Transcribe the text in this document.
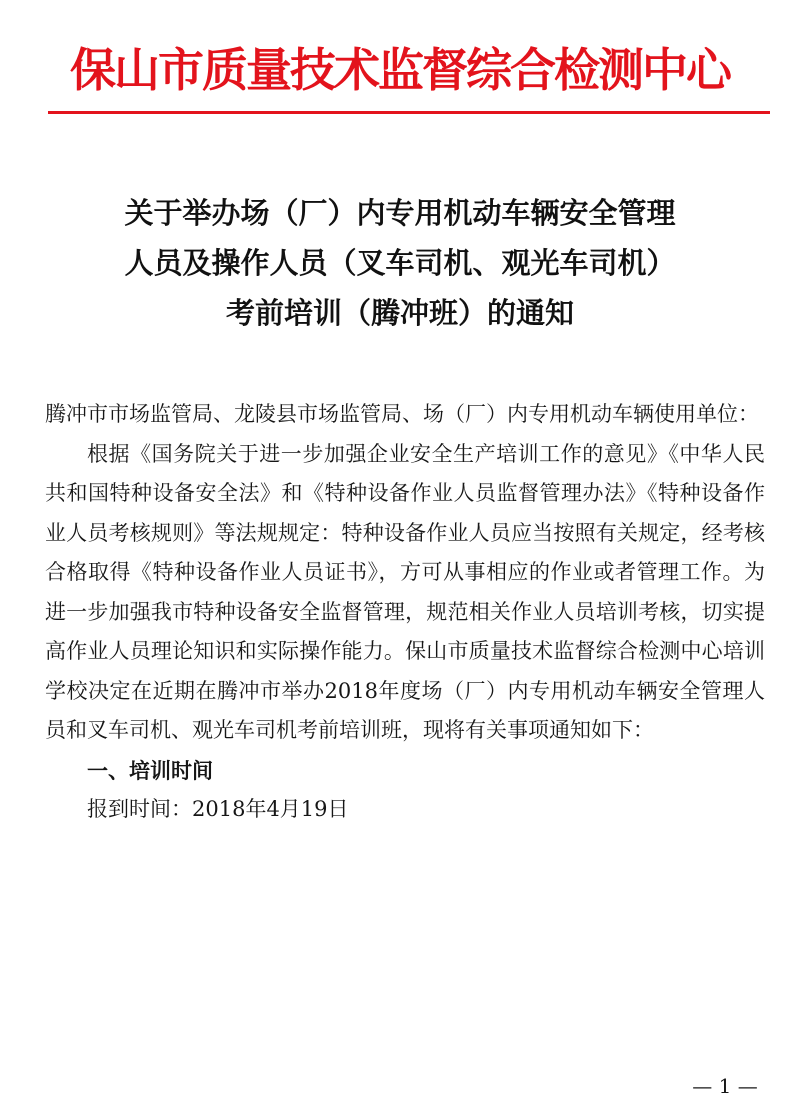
保山市质量技术监督综合检测中心
关于举办场（厂）内专用机动车辆安全管理
人员及操作人员（叉车司机、观光车司机）
考前培训（腾冲班）的通知

腾冲市市场监管局、龙陵县市场监管局、场（厂）内专用机动车辆使用单位：

根据《国务院关于进一步加强企业安全生产培训工作的意见》《中华人民共和国特种设备安全法》和《特种设备作业人员监督管理办法》《特种设备作业人员考核规则》等法规规定：特种设备作业人员应当按照有关规定，经考核合格取得《特种设备作业人员证书》，方可从事相应的作业或者管理工作。为进一步加强我市特种设备安全监督管理，规范相关作业人员培训考核，切实提高作业人员理论知识和实际操作能力。保山市质量技术监督综合检测中心培训学校决定在近期在腾冲市举办2018年度场（厂）内专用机动车辆安全管理人员和叉车司机、观光车司机考前培训班，现将有关事项通知如下：

一、培训时间

报到时间：2018年4月19日

— 1 —
